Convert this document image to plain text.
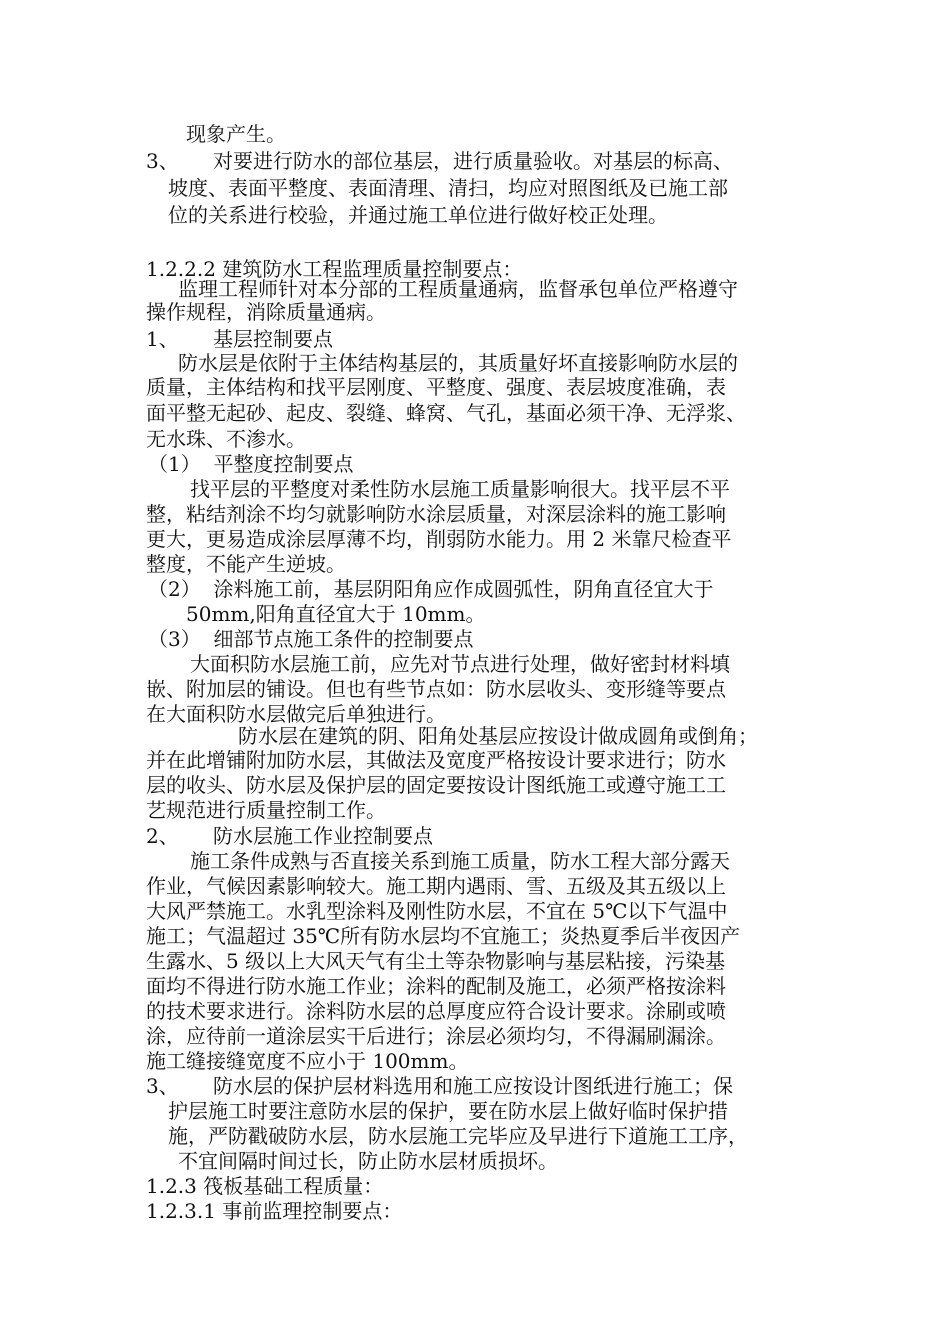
现象产生。
3、 对要进行防水的部位基层，进行质量验收。对基层的标高、
坡度、表面平整度、表面清理、清扫，均应对照图纸及已施工部
位的关系进行校验，并通过施工单位进行做好校正处理。
1.2.2.2 建筑防水工程监理质量控制要点：
监理工程师针对本分部的工程质量通病，监督承包单位严格遵守
操作规程，消除质量通病。
1、 基层控制要点
防水层是依附于主体结构基层的，其质量好坏直接影响防水层的
质量，主体结构和找平层刚度、平整度、强度、表层坡度准确，表
面平整无起砂、起皮、裂缝、蜂窝、气孔，基面必须干净、无浮浆、
无水珠、不渗水。
（1）  平整度控制要点
找平层的平整度对柔性防水层施工质量影响很大。找平层不平
整，粘结剂涂不均匀就影响防水涂层质量，对深层涂料的施工影响
更大，更易造成涂层厚薄不均，削弱防水能力。用 2 米靠尺检查平
整度，不能产生逆坡。
（2）  涂料施工前，基层阴阳角应作成圆弧性，阴角直径宜大于
50mm,阳角直径宜大于 10mm。
（3）  细部节点施工条件的控制要点
大面积防水层施工前，应先对节点进行处理，做好密封材料填
嵌、附加层的铺设。但也有些节点如：防水层收头、变形缝等要点
在大面积防水层做完后单独进行。
防水层在建筑的阴、阳角处基层应按设计做成圆角或倒角；
并在此增铺附加防水层，其做法及宽度严格按设计要求进行；防水
层的收头、防水层及保护层的固定要按设计图纸施工或遵守施工工
艺规范进行质量控制工作。
2、 防水层施工作业控制要点
施工条件成熟与否直接关系到施工质量，防水工程大部分露天
作业，气候因素影响较大。施工期内遇雨、雪、五级及其五级以上
大风严禁施工。水乳型涂料及刚性防水层，不宜在 5℃以下气温中
施工；气温超过 35℃所有防水层均不宜施工；炎热夏季后半夜因产
生露水、5 级以上大风天气有尘土等杂物影响与基层粘接，污染基
面均不得进行防水施工作业；涂料的配制及施工，必须严格按涂料
的技术要求进行。涂料防水层的总厚度应符合设计要求。涂刷或喷
涂，应待前一道涂层实干后进行；涂层必须均匀，不得漏刷漏涂。
施工缝接缝宽度不应小于 100mm。
3、 防水层的保护层材料选用和施工应按设计图纸进行施工；保
护层施工时要注意防水层的保护，要在防水层上做好临时保护措
施，严防戳破防水层，防水层施工完毕应及早进行下道施工工序，
不宜间隔时间过长，防止防水层材质损坏。
1.2.3 筏板基础工程质量：
1.2.3.1 事前监理控制要点：
